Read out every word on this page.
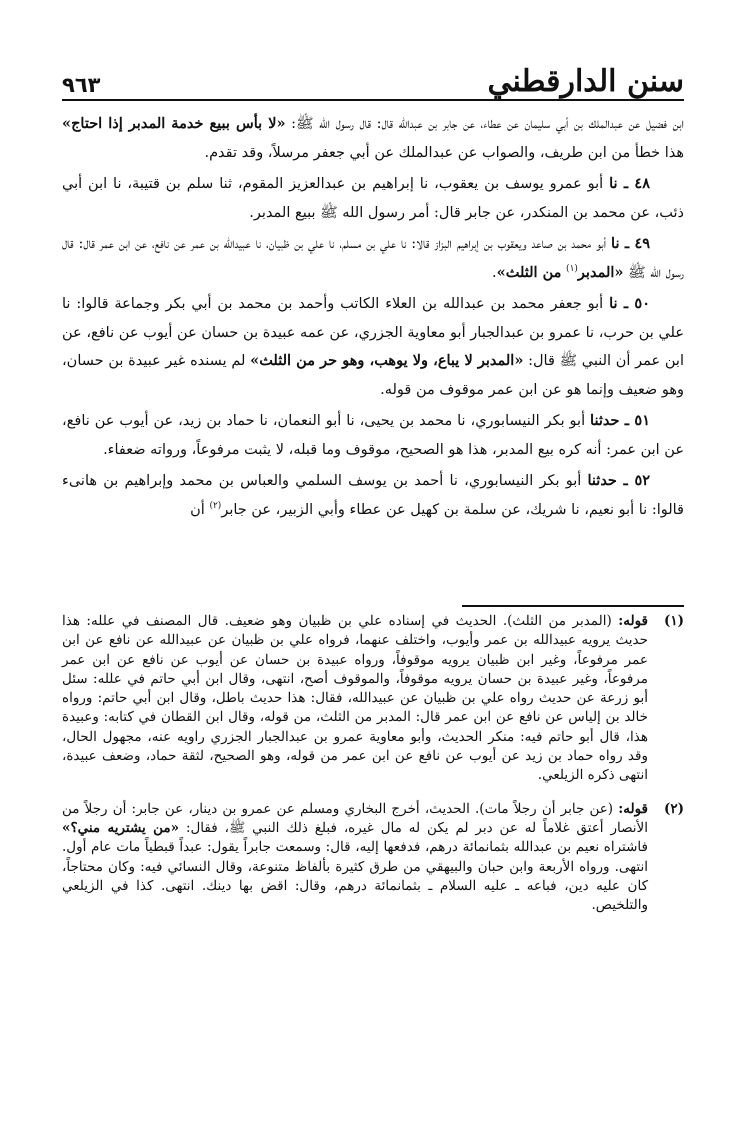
سنن الدارقطني
٩٦٣

ابن فضيل عن عبدالملك بن أبي سليمان عن عطاء، عن جابر بن عبدالله قال: قال رسول الله ﷺ: «لا بأس ببيع خدمة المدبر إذا احتاج» هذا خطأ من ابن طريف، والصواب عن عبدالملك عن أبي جعفر مرسلاً، وقد تقدم.

٤٨ ـ نا أبو عمرو يوسف بن يعقوب، نا إبراهيم بن عبدالعزيز المقوم، ثنا سلم بن قتيبة، نا ابن أبي ذئب، عن محمد بن المنكدر، عن جابر قال: أمر رسول الله ﷺ ببيع المدبر.

٤٩ ـ نا أبو محمد بن صاعد ويعقوب بن إبراهيم البزاز قالا: نا علي بن مسلم، نا علي بن ظبيان، نا عبيدالله بن عمر عن نافع، عن ابن عمر قال: قال رسول الله ﷺ «المدبر$^{(١)}$ من الثلث».

٥٠ ـ نا أبو جعفر محمد بن عبدالله بن العلاء الكاتب وأحمد بن محمد بن أبي بكر وجماعة قالوا: نا علي بن حرب، نا عمرو بن عبدالجبار أبو معاوية الجزري، عن عمه عبيدة بن حسان عن أيوب عن نافع، عن ابن عمر أن النبي ﷺ قال: «المدبر لا يباع، ولا يوهب، وهو حر من الثلث» لم يسنده غير عبيدة بن حسان، وهو ضعيف وإنما هو عن ابن عمر موقوف من قوله.

٥١ ـ حدثنا أبو بكر النيسابوري، نا محمد بن يحيى، نا أبو النعمان، نا حماد بن زيد، عن أيوب عن نافع، عن ابن عمر: أنه كره بيع المدبر، هذا هو الصحيح، موقوف وما قبله، لا يثبت مرفوعاً، ورواته ضعفاء.

٥٢ ـ حدثنا أبو بكر النيسابوري، نا أحمد بن يوسف السلمي والعباس بن محمد وإبراهيم بن هانىء قالوا: نا أبو نعيم، نا شريك، عن سلمة بن كهيل عن عطاء وأبي الزبير، عن جابر$^{(٢)}$ أن

(١)
قوله: (المدبر من الثلث). الحديث في إسناده علي بن ظبيان وهو ضعيف. قال المصنف في علله: هذا حديث يرويه عبيدالله بن عمر وأيوب، واختلف عنهما، فرواه علي بن ظبيان عن عبيدالله عن نافع عن ابن عمر مرفوعاً، وغير ابن ظبيان يرويه موقوفاً، ورواه عبيدة بن حسان عن أيوب عن نافع عن ابن عمر مرفوعاً، وغير عبيدة بن حسان يرويه موقوفاً، والموقوف أصح، انتهى، وقال ابن أبي حاتم في علله: سئل أبو زرعة عن حديث رواه علي بن ظبيان عن عبيدالله، فقال: هذا حديث باطل، وقال ابن أبي حاتم: ورواه خالد بن إلياس عن نافع عن ابن عمر قال: المدبر من الثلث، من قوله، وقال ابن القطان في كتابه: وعبيدة هذا، قال أبو حاتم فيه: منكر الحديث، وأبو معاوية عمرو بن عبدالجبار الجزري راويه عنه، مجهول الحال، وقد رواه حماد بن زيد عن أيوب عن نافع عن ابن عمر من قوله، وهو الصحيح، لثقة حماد، وضعف عبيدة، انتهى ذكره الزيلعي.
(٢)
قوله: (عن جابر أن رجلاً مات). الحديث، أخرج البخاري ومسلم عن عمرو بن دينار، عن جابر: أن رجلاً من الأنصار أعتق غلاماً له عن دبر لم يكن له مال غيره، فبلغ ذلك النبي ﷺ، فقال: «من يشتريه مني؟» فاشتراه نعيم بن عبدالله بثمانمائة درهم، فدفعها إليه، قال: وسمعت جابراً يقول: عبداً قبطياً مات عام أول. انتهى. ورواه الأربعة وابن حبان والبيهقي من طرق كثيرة بألفاظ متنوعة، وقال النسائي فيه: وكان محتاجاً، كان عليه دين، فباعه ـ عليه السلام ـ بثمانمائة درهم، وقال: اقض بها دينك. انتهى. كذا في الزيلعي والتلخيص.
